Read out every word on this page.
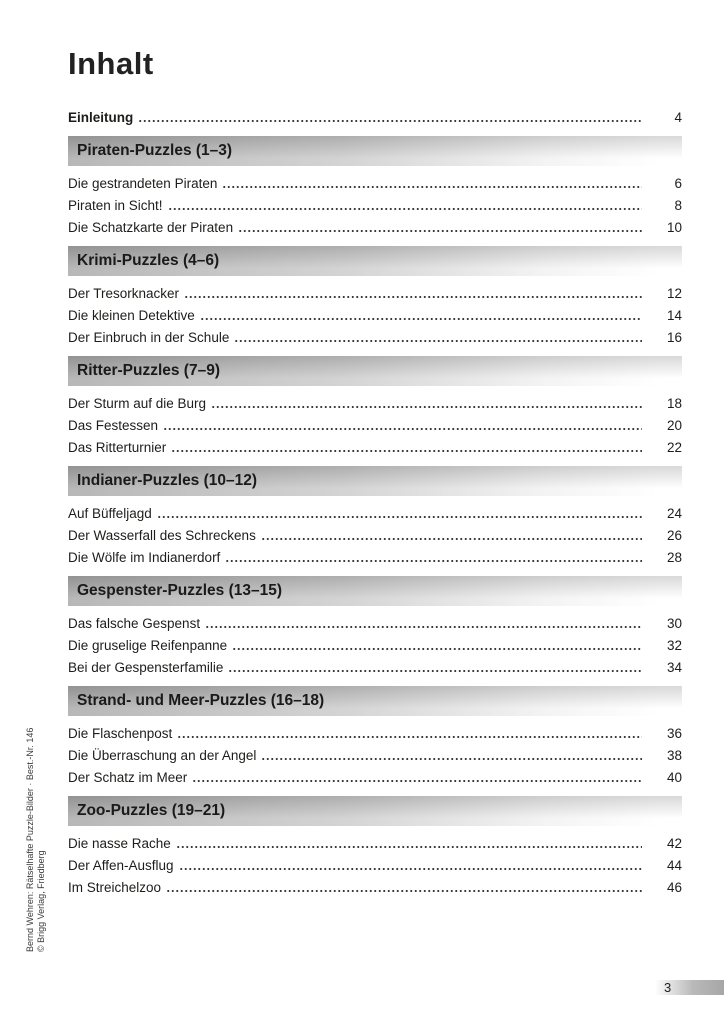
Inhalt
Einleitung	4
Piraten-Puzzles (1–3)
Die gestrandeten Piraten	6
Piraten in Sicht!	8
Die Schatzkarte der Piraten	10
Krimi-Puzzles (4–6)
Der Tresorknacker	12
Die kleinen Detektive	14
Der Einbruch in der Schule	16
Ritter-Puzzles (7–9)
Der Sturm auf die Burg	18
Das Festessen	20
Das Ritterturnier	22
Indianer-Puzzles (10–12)
Auf Büffeljagd	24
Der Wasserfall des Schreckens	26
Die Wölfe im Indianerdorf	28
Gespenster-Puzzles (13–15)
Das falsche Gespenst	30
Die gruselige Reifenpanne	32
Bei der Gespensterfamilie	34
Strand- und Meer-Puzzles (16–18)
Die Flaschenpost	36
Die Überraschung an der Angel	38
Der Schatz im Meer	40
Zoo-Puzzles (19–21)
Die nasse Rache	42
Der Affen-Ausflug	44
Im Streichelzoo	46
Bernd Wehren: Rätselhafte Puzzle-Bilder · Best.-Nr. 146 © Brigg Verlag, Friedberg
3
